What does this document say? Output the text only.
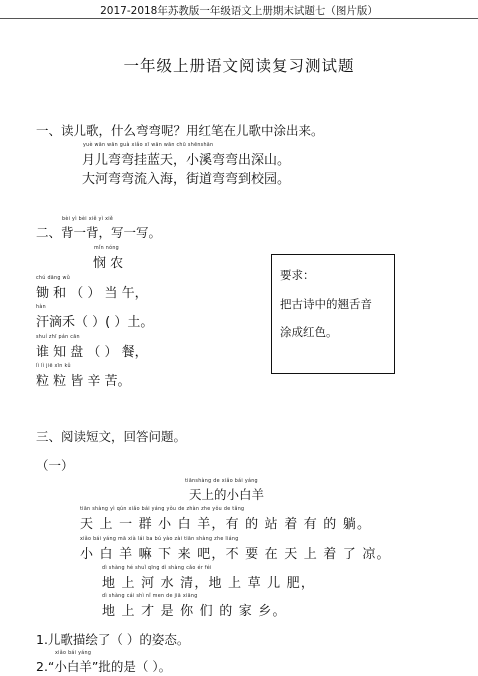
2017-2018年苏教版一年级语文上册期末试题七（图片版）
一年级上册语文阅读复习测试题
一、读儿歌，什么弯弯呢？用红笔在儿歌中涂出来。
yuè wān wān guà xiǎo xī wān wān chū shēnshān
月儿弯弯挂蓝天，小溪弯弯出深山。
大河弯弯流入海，街道弯弯到校园。
bèi yì bèi xiě yì xiě
二、背一背，写一写。
mǐn nóng
悯 农
chú dāng wǔ
锄 和 （ ） 当 午，
hàn
汗滴禾（ ）( ）土。
shuí zhī pán cān
谁 知 盘 （ ） 餐，
lì lì jiē xīn kǔ
粒 粒 皆 辛 苦。
要求：
把古诗中的翘舌音
涂成红色。
三、阅读短文，回答问题。
（一）
tiānshàng de xiǎo bái yáng
天上的小白羊
tiān shàng yì qún xiǎo bái yáng yǒu de zhàn zhe yǒu de tǎng
天 上 一 群 小 白 羊，有 的 站 着 有 的 躺。
xiǎo bái yáng mā xià lái ba bú yào zài tiān shàng zhe liáng
小 白 羊 嘛 下 来 吧，不 要 在 天 上 着 了 凉。
dì shàng hé shuǐ qīng dì shàng cǎo ér féi
地 上 河 水 清，地 上 草 儿 肥，
dì shàng cái shì nǐ men de jiā xiāng
地 上 才 是 你 们 的 家 乡。
1.儿歌描绘了（ ）的姿态。
xiǎo bái yáng
2.“小白羊”批的是（ ）。
